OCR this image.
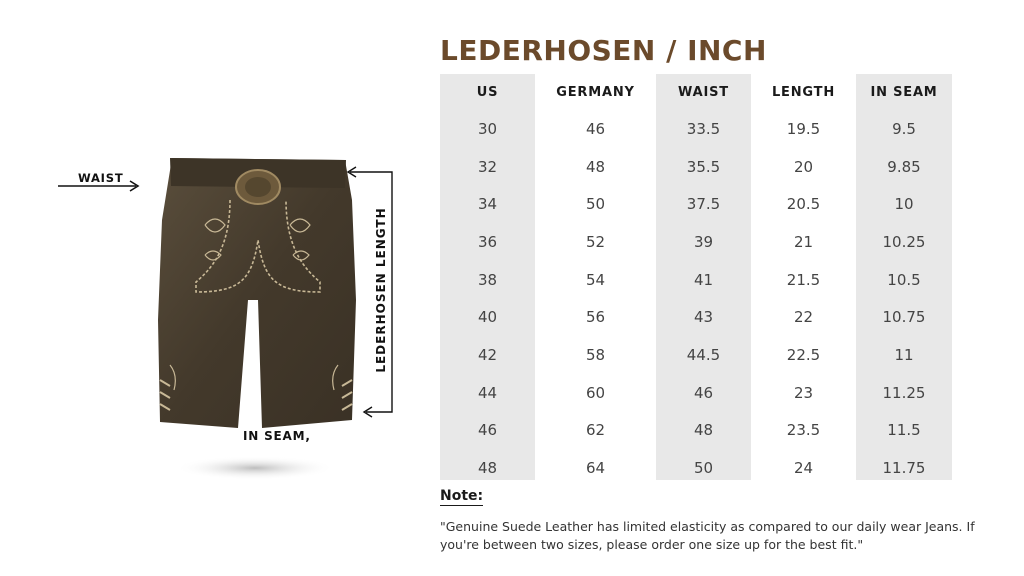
WAIST
LEDERHOSEN LENGTH
IN SEAM,
LEDERHOSEN / INCH
US	GERMANY	WAIST	LENGTH	IN SEAM
30	46	33.5	19.5	9.5
32	48	35.5	20	9.85
34	50	37.5	20.5	10
36	52	39	21	10.25
38	54	41	21.5	10.5
40	56	43	22	10.75
42	58	44.5	22.5	11
44	60	46	23	11.25
46	62	48	23.5	11.5
48	64	50	24	11.75
Note:
"Genuine Suede Leather has limited elasticity as compared to our daily wear Jeans. If you're between two sizes, please order one size up for the best fit."
